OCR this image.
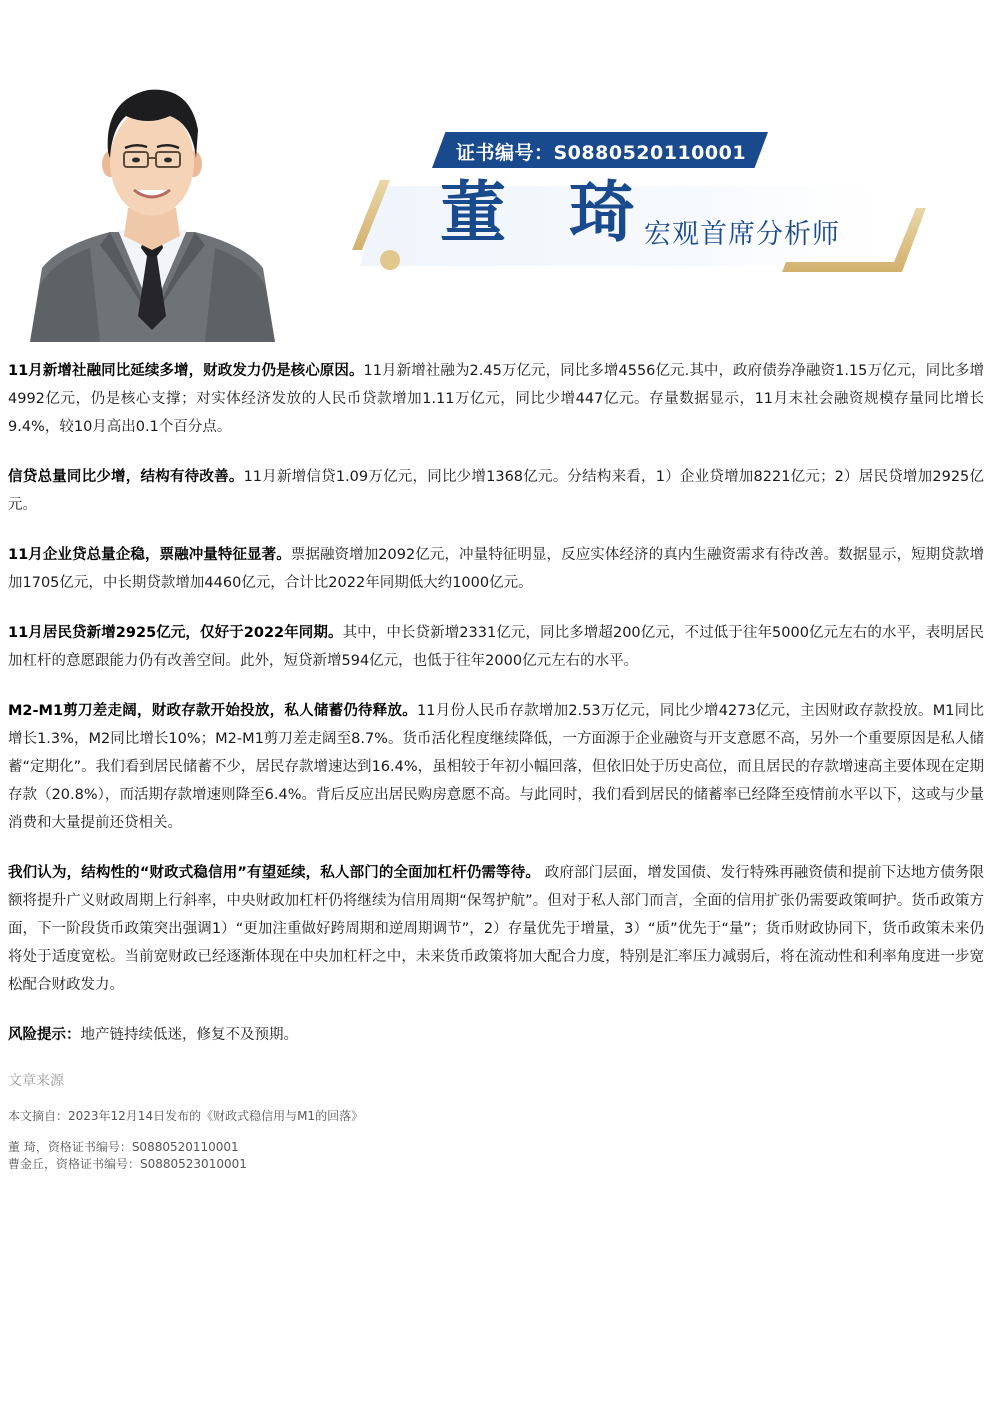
证书编号：S0880520110001
董 琦
宏观首席分析师

11月新增社融同比延续多增，财政发力仍是核心原因。11月新增社融为2.45万亿元，同比多增4556亿元.其中，政府债券净融资1.15万亿元，同比多增4992亿元，仍是核心支撑；对实体经济发放的人民币贷款增加1.11万亿元，同比少增447亿元。存量数据显示，11月末社会融资规模存量同比增长9.4%，较10月高出0.1个百分点。

信贷总量同比少增，结构有待改善。11月新增信贷1.09万亿元，同比少增1368亿元。分结构来看，1）企业贷增加8221亿元；2）居民贷增加2925亿元。

11月企业贷总量企稳，票融冲量特征显著。票据融资增加2092亿元，冲量特征明显，反应实体经济的真内生融资需求有待改善。数据显示，短期贷款增加1705亿元，中长期贷款增加4460亿元，合计比2022年同期低大约1000亿元。

11月居民贷新增2925亿元，仅好于2022年同期。其中，中长贷新增2331亿元，同比多增超200亿元，不过低于往年5000亿元左右的水平，表明居民加杠杆的意愿跟能力仍有改善空间。此外，短贷新增594亿元，也低于往年2000亿元左右的水平。

M2-M1剪刀差走阔，财政存款开始投放，私人储蓄仍待释放。11月份人民币存款增加2.53万亿元，同比少增4273亿元，主因财政存款投放。M1同比增长1.3%，M2同比增长10%；M2-M1剪刀差走阔至8.7%。货币活化程度继续降低，一方面源于企业融资与开支意愿不高，另外一个重要原因是私人储蓄“定期化”。我们看到居民储蓄不少，居民存款增速达到16.4%，虽相较于年初小幅回落，但依旧处于历史高位，而且居民的存款增速高主要体现在定期存款（20.8%），而活期存款增速则降至6.4%。背后反应出居民购房意愿不高。与此同时，我们看到居民的储蓄率已经降至疫情前水平以下，这或与少量消费和大量提前还贷相关。

我们认为，结构性的“财政式稳信用”有望延续，私人部门的全面加杠杆仍需等待。 政府部门层面，增发国债、发行特殊再融资债和提前下达地方债务限额将提升广义财政周期上行斜率，中央财政加杠杆仍将继续为信用周期“保驾护航”。但对于私人部门而言，全面的信用扩张仍需要政策呵护。货币政策方面，下一阶段货币政策突出强调1）“更加注重做好跨周期和逆周期调节”，2）存量优先于增量，3）“质”优先于“量”；货币财政协同下，货币政策未来仍将处于适度宽松。当前宽财政已经逐渐体现在中央加杠杆之中，未来货币政策将加大配合力度，特别是汇率压力减弱后，将在流动性和利率角度进一步宽松配合财政发力。

风险提示：地产链持续低迷，修复不及预期。

文章来源
本文摘自：2023年12月14日发布的《财政式稳信用与M1的回落》
董 琦，资格证书编号：S0880520110001
曹金丘，资格证书编号：S0880523010001
